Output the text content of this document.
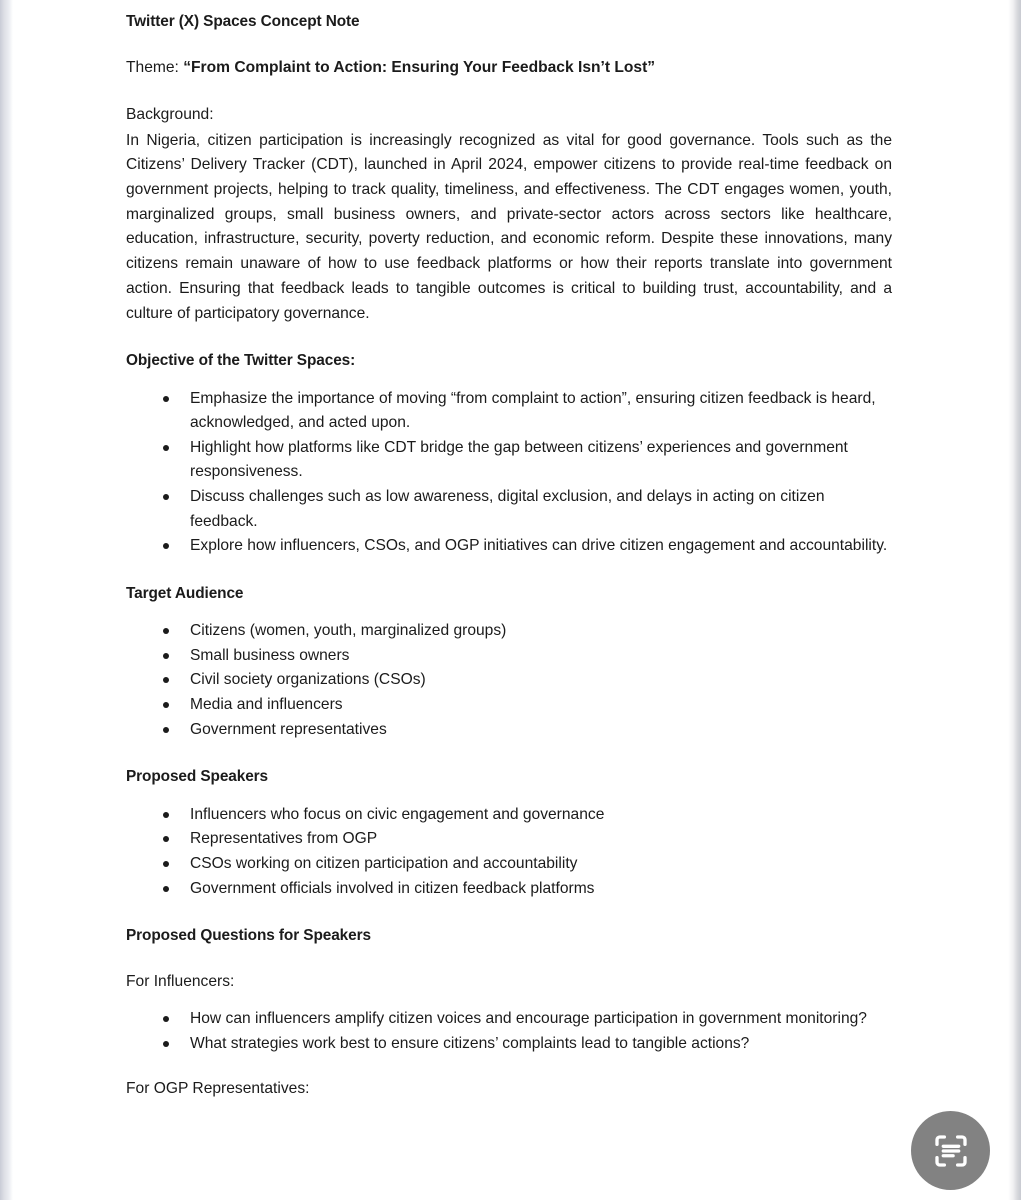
Twitter (X) Spaces Concept Note

Theme: “From Complaint to Action: Ensuring Your Feedback Isn’t Lost”

Background:

In Nigeria, citizen participation is increasingly recognized as vital for good governance. Tools such as the Citizens’ Delivery Tracker (CDT), launched in April 2024, empower citizens to provide real-time feedback on government projects, helping to track quality, timeliness, and effectiveness. The CDT engages women, youth, marginalized groups, small business owners, and private-sector actors across sectors like healthcare, education, infrastructure, security, poverty reduction, and economic reform. Despite these innovations, many citizens remain unaware of how to use feedback platforms or how their reports translate into government action. Ensuring that feedback leads to tangible outcomes is critical to building trust, accountability, and a culture of participatory governance.

Objective of the Twitter Spaces:
Emphasize the importance of moving “from complaint to action”, ensuring citizen feedback is heard, acknowledged, and acted upon.
Highlight how platforms like CDT bridge the gap between citizens’ experiences and government responsiveness.
Discuss challenges such as low awareness, digital exclusion, and delays in acting on citizen feedback.
Explore how influencers, CSOs, and OGP initiatives can drive citizen engagement and accountability.
Target Audience
Citizens (women, youth, marginalized groups)
Small business owners
Civil society organizations (CSOs)
Media and influencers
Government representatives
Proposed Speakers
Influencers who focus on civic engagement and governance
Representatives from OGP
CSOs working on citizen participation and accountability
Government officials involved in citizen feedback platforms
Proposed Questions for Speakers

For Influencers:

How can influencers amplify citizen voices and encourage participation in government monitoring?
What strategies work best to ensure citizens’ complaints lead to tangible actions?

For OGP Representatives:
